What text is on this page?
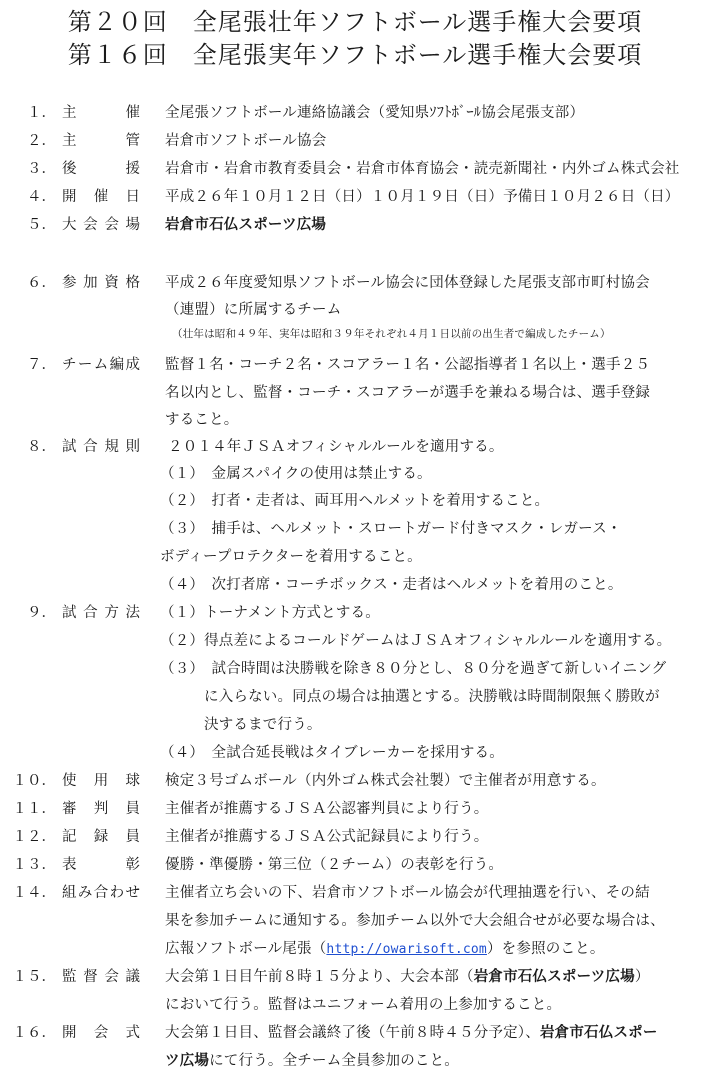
第２０回　全尾張壮年ソフトボール選手権大会要項
第１６回　全尾張実年ソフトボール選手権大会要項
１． 主　　催 全尾張ソフトボール連絡協議会（愛知県ｿﾌﾄﾎﾞｰﾙ協会尾張支部）
２． 主　　管 岩倉市ソフトボール協会
３． 後　　援 岩倉市・岩倉市教育委員会・岩倉市体育協会・読売新聞社・内外ゴム株式会社
４． 開催日 平成２６年１０月１２日（日）１０月１９日（日）予備日１０月２６日（日）
５． 大会会場 岩倉市石仏スポーツ広場
６． 参加資格 平成２６年度愛知県ソフトボール協会に団体登録した尾張支部市町村協会
（連盟）に所属するチーム
（壮年は昭和４９年、実年は昭和３９年それぞれ４月１日以前の出生者で編成したチーム）
７． チーム編成 監督１名・コーチ２名・スコアラー１名・公認指導者１名以上・選手２５
名以内とし、監督・コーチ・スコアラーが選手を兼ねる場合は、選手登録
すること。
８． 試合規則 ２０１４年ＪＳＡオフィシャルルールを適用する。
（１）　金属スパイクの使用は禁止する。
（２）　打者・走者は、両耳用ヘルメットを着用すること。
（３）　捕手は、ヘルメット・スロートガード付きマスク・レガース・
ボディープロテクターを着用すること。
（４）　次打者席・コーチボックス・走者はヘルメットを着用のこと。
９． 試合方法 （１）トーナメント方式とする。
（２）得点差によるコールドゲームはＪＳＡオフィシャルルールを適用する。
（３）　試合時間は決勝戦を除き８０分とし、８０分を過ぎて新しいイニング
に入らない。同点の場合は抽選とする。決勝戦は時間制限無く勝敗が
決するまで行う。
（４）　全試合延長戦はタイブレーカーを採用する。
１０． 使用球 検定３号ゴムボール（内外ゴム株式会社製）で主催者が用意する。
１１． 審判員 主催者が推薦するＪＳＡ公認審判員により行う。
１２． 記録員 主催者が推薦するＪＳＡ公式記録員により行う。
１３． 表　　彰 優勝・準優勝・第三位（２チーム）の表彰を行う。
１４． 組み合わせ 主催者立ち会いの下、岩倉市ソフトボール協会が代理抽選を行い、その結
果を参加チームに通知する。参加チーム以外で大会組合せが必要な場合は、
広報ソフトボール尾張（http://owarisoft.com）を参照のこと。
１５． 監督会議 大会第１日目午前８時１５分より、大会本部（岩倉市石仏スポーツ広場）
において行う。監督はユニフォーム着用の上参加すること。
１６． 開会式 大会第１日目、監督会議終了後（午前８時４５分予定）、岩倉市石仏スポー
ツ広場にて行う。全チーム全員参加のこと。
